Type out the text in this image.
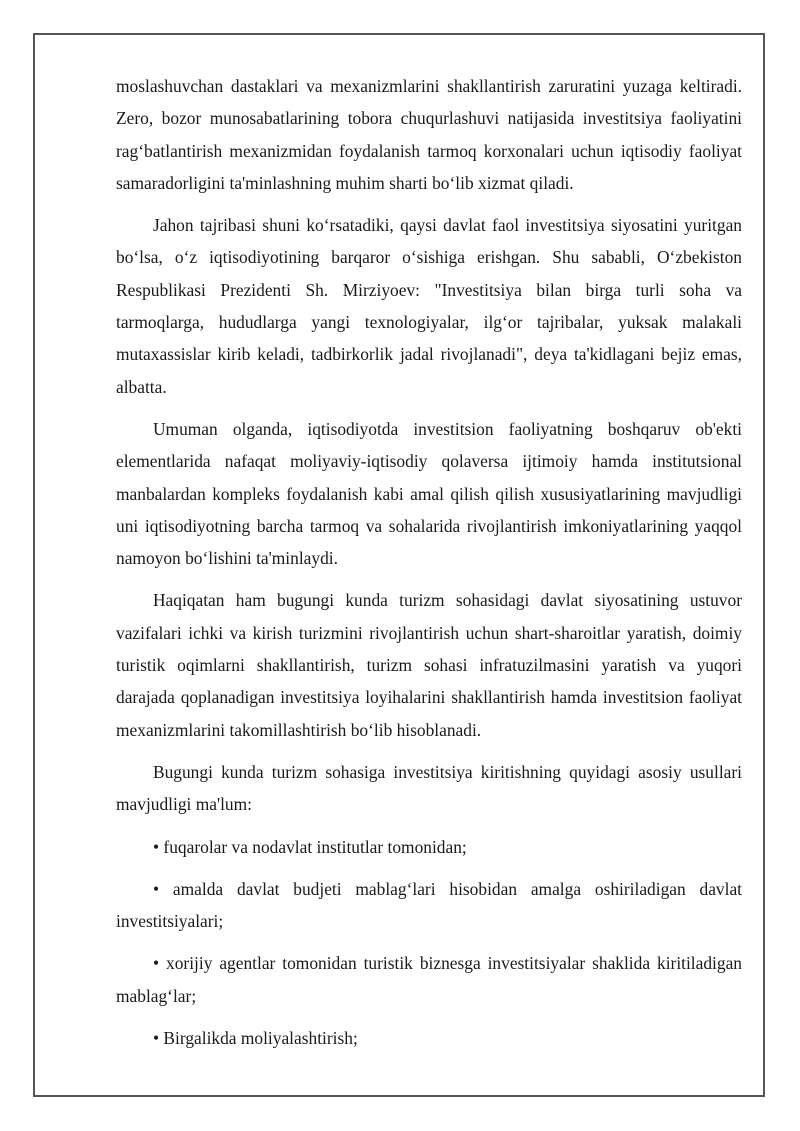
moslashuvchan dastaklari va mexanizmlarini shakllantirish zaruratini yuzaga keltiradi. Zero, bozor munosabatlarining tobora chuqurlashuvi natijasida investitsiya faoliyatini rag‘batlantirish mexanizmidan foydalanish tarmoq korxonalari uchun iqtisodiy faoliyat samaradorligini ta'minlashning muhim sharti bo‘lib xizmat qiladi.

Jahon tajribasi shuni ko‘rsatadiki, qaysi davlat faol investitsiya siyosatini yuritgan bo‘lsa, o‘z iqtisodiyotining barqaror o‘sishiga erishgan. Shu sababli, O‘zbekiston Respublikasi Prezidenti Sh. Mirziyoev: "Investitsiya bilan birga turli soha va tarmoqlarga, hududlarga yangi texnologiyalar, ilg‘or tajribalar, yuksak malakali mutaxassislar kirib keladi, tadbirkorlik jadal rivojlanadi", deya ta'kidlagani bejiz emas, albatta.

Umuman olganda, iqtisodiyotda investitsion faoliyatning boshqaruv ob'ekti elementlarida nafaqat moliyaviy-iqtisodiy qolaversa ijtimoiy hamda institutsional manbalardan kompleks foydalanish kabi amal qilish qilish xususiyatlarining mavjudligi uni iqtisodiyotning barcha tarmoq va sohalarida rivojlantirish imkoniyatlarining yaqqol namoyon bo‘lishini ta'minlaydi.

Haqiqatan ham bugungi kunda turizm sohasidagi davlat siyosatining ustuvor vazifalari ichki va kirish turizmini rivojlantirish uchun shart-sharoitlar yaratish, doimiy turistik oqimlarni shakllantirish, turizm sohasi infratuzilmasini yaratish va yuqori darajada qoplanadigan investitsiya loyihalarini shakllantirish hamda investitsion faoliyat mexanizmlarini takomillashtirish bo‘lib hisoblanadi.

Bugungi kunda turizm sohasiga investitsiya kiritishning quyidagi asosiy usullari mavjudligi ma'lum:

• fuqarolar va nodavlat institutlar tomonidan;

• amalda davlat budjeti mablag‘lari hisobidan amalga oshiriladigan davlat investitsiyalari;

• xorijiy agentlar tomonidan turistik biznesga investitsiyalar shaklida kiritiladigan mablag‘lar;

• Birgalikda moliyalashtirish;
